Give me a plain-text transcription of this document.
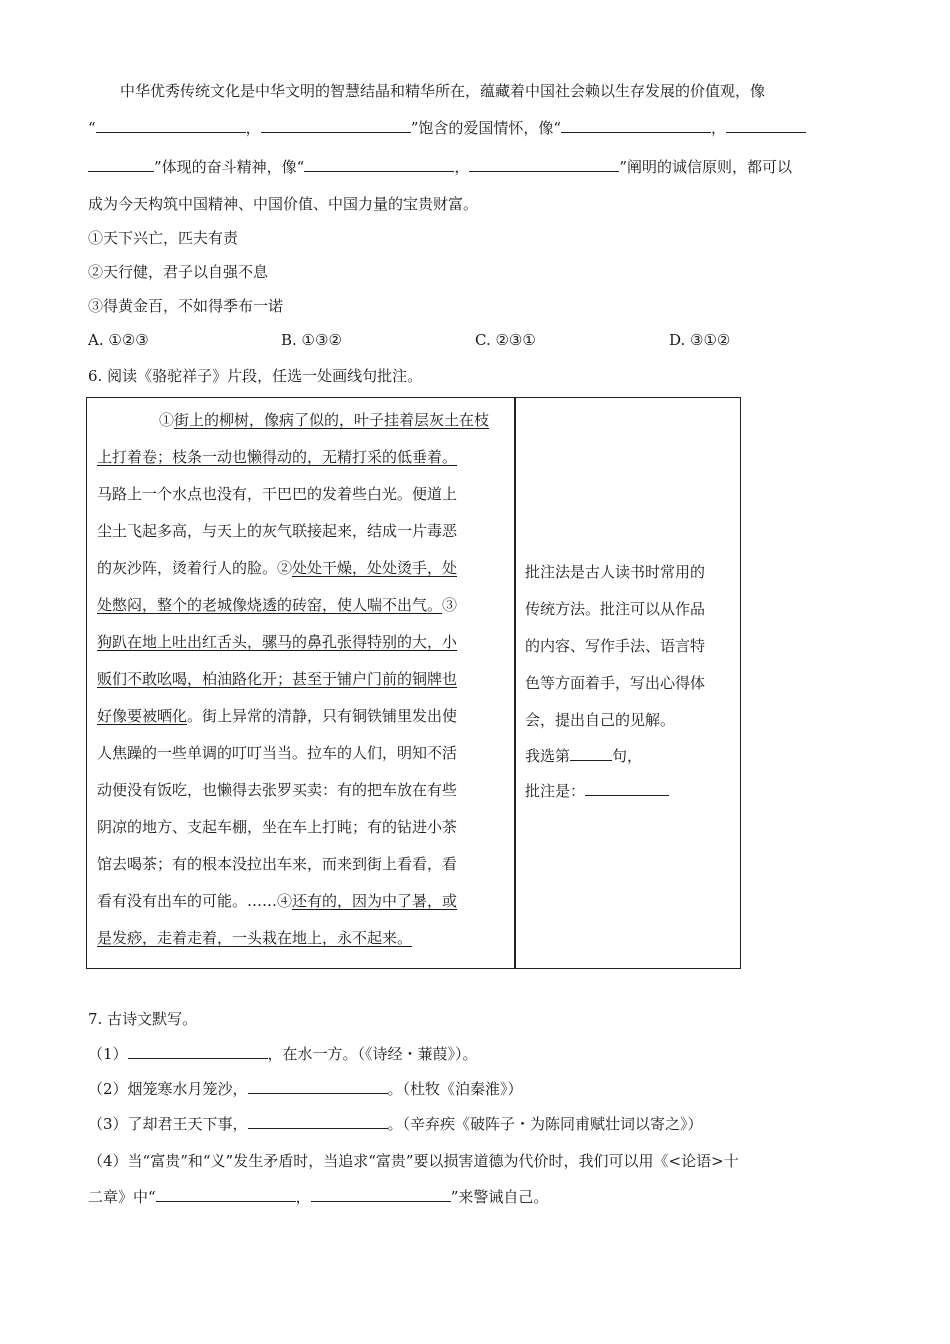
中华优秀传统文化是中华文明的智慧结晶和精华所在，蕴藏着中国社会赖以生存发展的价值观，像
“	，	”饱含的爱国情怀，像“	，
”体现的奋斗精神，像“	，	”阐明的诚信原则，都可以
成为今天构筑中国精神、中国价值、中国力量的宝贵财富。
①天下兴亡，匹夫有责
②天行健，君子以自强不息
③得黄金百，不如得季布一诺
A. ①②③	B. ①③②	C. ②③①	D. ③①②
6. 阅读《骆驼祥子》片段，任选一处画线句批注。
①街上的柳树，像病了似的，叶子挂着层灰土在枝
上打着卷；枝条一动也懒得动的，无精打采的低垂着。
马路上一个水点也没有，干巴巴的发着些白光。便道上
尘土飞起多高，与天上的灰气联接起来，结成一片毒恶
的灰沙阵，烫着行人的脸。②处处干燥，处处烫手，处
处憋闷，整个的老城像烧透的砖窑，使人喘不出气。③
狗趴在地上吐出红舌头，骡马的鼻孔张得特别的大，小
贩们不敢吆喝，柏油路化开；甚至于铺户门前的铜牌也
好像要被晒化。街上异常的清静，只有铜铁铺里发出使
人焦躁的一些单调的叮叮当当。拉车的人们，明知不活
动便没有饭吃，也懒得去张罗买卖：有的把车放在有些
阴凉的地方、支起车棚，坐在车上打盹；有的钻进小茶
馆去喝茶；有的根本没拉出车来，而来到街上看看，看
看有没有出车的可能。……④还有的，因为中了暑，或
是发痧，走着走着，一头栽在地上，永不起来。
批注法是古人读书时常用的
传统方法。批注可以从作品
的内容、写作手法、语言特
色等方面着手，写出心得体
会，提出自己的见解。
我选第	句，
批注是：
7. 古诗文默写。
（1）	，在水一方。（《诗经・蒹葭》）。
（2）烟笼寒水月笼沙，	。（杜牧《泊秦淮》）
（3）了却君王天下事，	。（辛弃疾《破阵子・为陈同甫赋壮词以寄之》）
（4）当“富贵”和“义”发生矛盾时，当追求“富贵”要以损害道德为代价时，我们可以用《<论语>十
二章》中“	，	”来警诫自己。
